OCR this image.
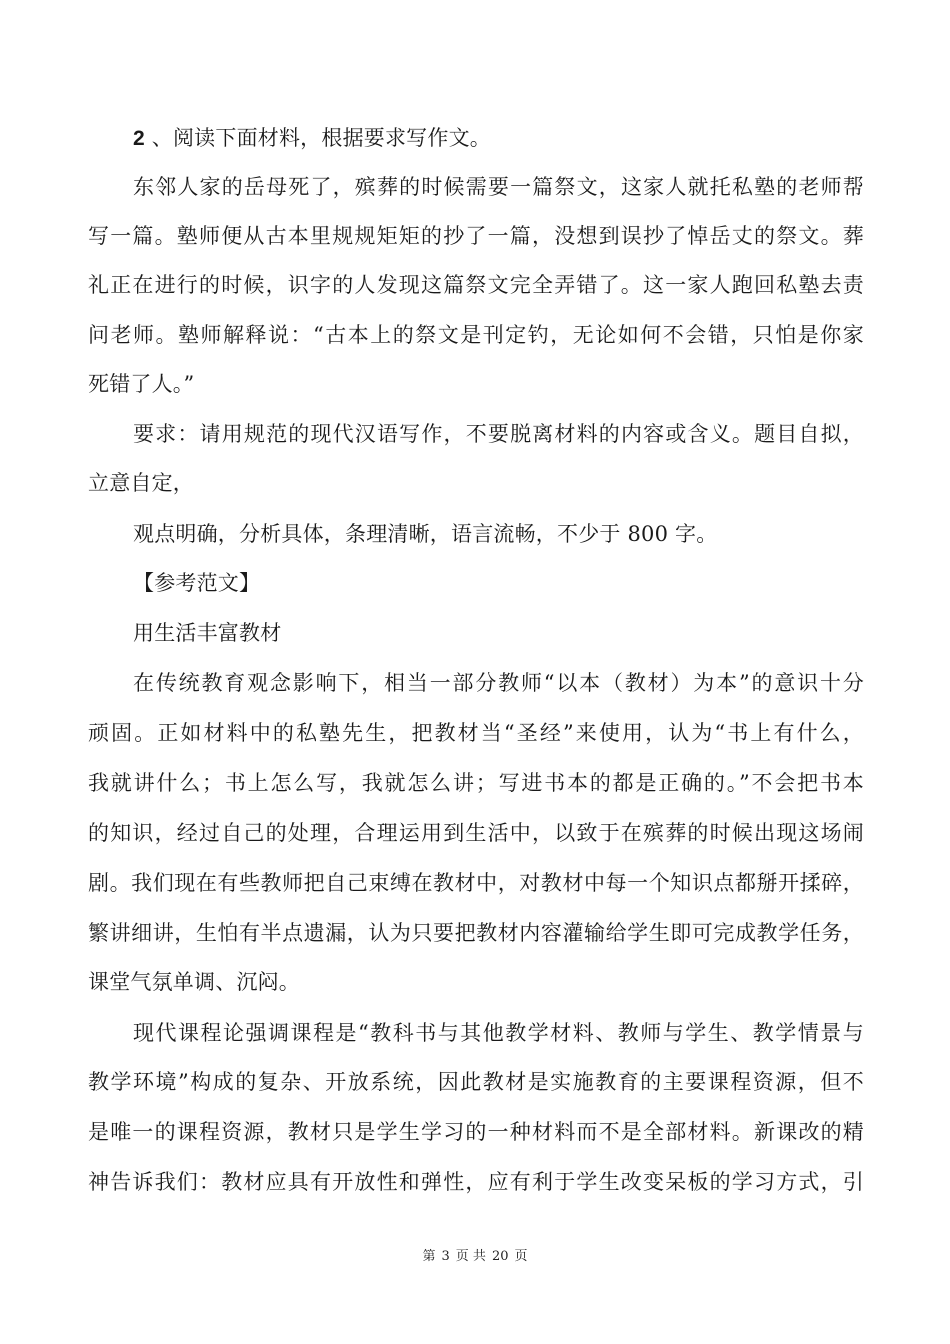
2 、阅读下面材料，根据要求写作文。
东邻人家的岳母死了，殡葬的时候需要一篇祭文，这家人就托私塾的老师帮
写一篇。塾师便从古本里规规矩矩的抄了一篇，没想到误抄了悼岳丈的祭文。葬
礼正在进行的时候，识字的人发现这篇祭文完全弄错了。这一家人跑回私塾去责
问老师。塾师解释说：“古本上的祭文是刊定钓，无论如何不会错，只怕是你家
死错了人。”
要求：请用规范的现代汉语写作，不要脱离材料的内容或含义。题目自拟，
立意自定，
观点明确，分析具体，条理清晰，语言流畅，不少于 800 字。
【参考范文】
用生活丰富教材
在传统教育观念影响下，相当一部分教师“以本（教材）为本”的意识十分
顽固。正如材料中的私塾先生，把教材当“圣经”来使用，认为“书上有什么，
我就讲什么；书上怎么写，我就怎么讲；写进书本的都是正确的。”不会把书本
的知识，经过自己的处理，合理运用到生活中，以致于在殡葬的时候出现这场闹
剧。我们现在有些教师把自己束缚在教材中，对教材中每一个知识点都掰开揉碎，
繁讲细讲，生怕有半点遗漏，认为只要把教材内容灌输给学生即可完成教学任务，
课堂气氛单调、沉闷。
现代课程论强调课程是“教科书与其他教学材料、教师与学生、教学情景与
教学环境”构成的复杂、开放系统，因此教材是实施教育的主要课程资源，但不
是唯一的课程资源，教材只是学生学习的一种材料而不是全部材料。新课改的精
神告诉我们：教材应具有开放性和弹性，应有利于学生改变呆板的学习方式，引
第 3 页 共 20 页
